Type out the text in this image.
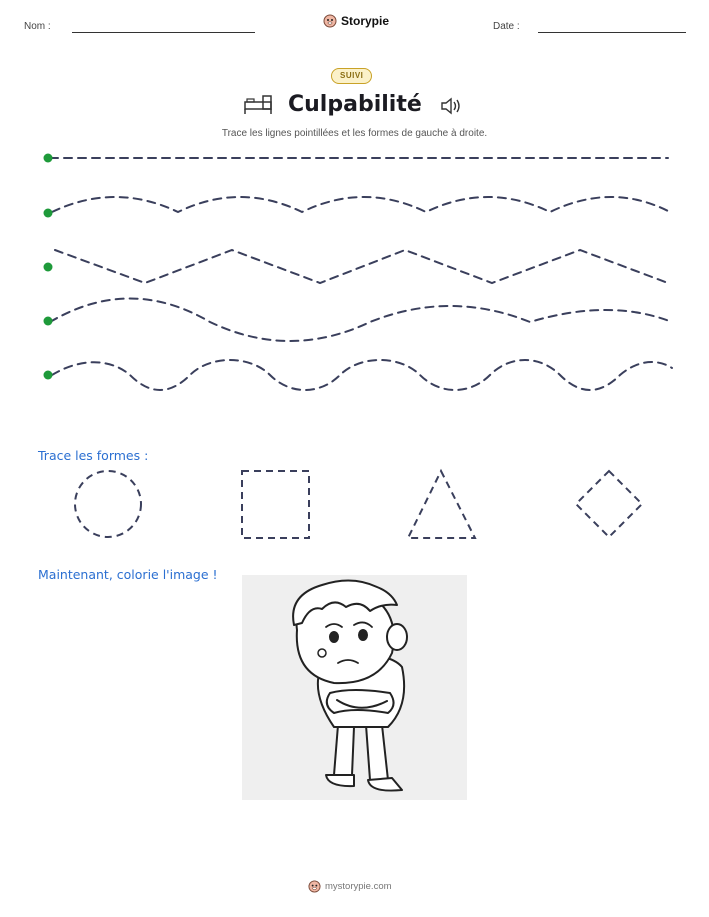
Nom :	Storypie	Date :
SUIVI
Culpabilité
Trace les lignes pointillées et les formes de gauche à droite.
Trace les formes :
Maintenant, colorie l'image !
mystorypie.com
